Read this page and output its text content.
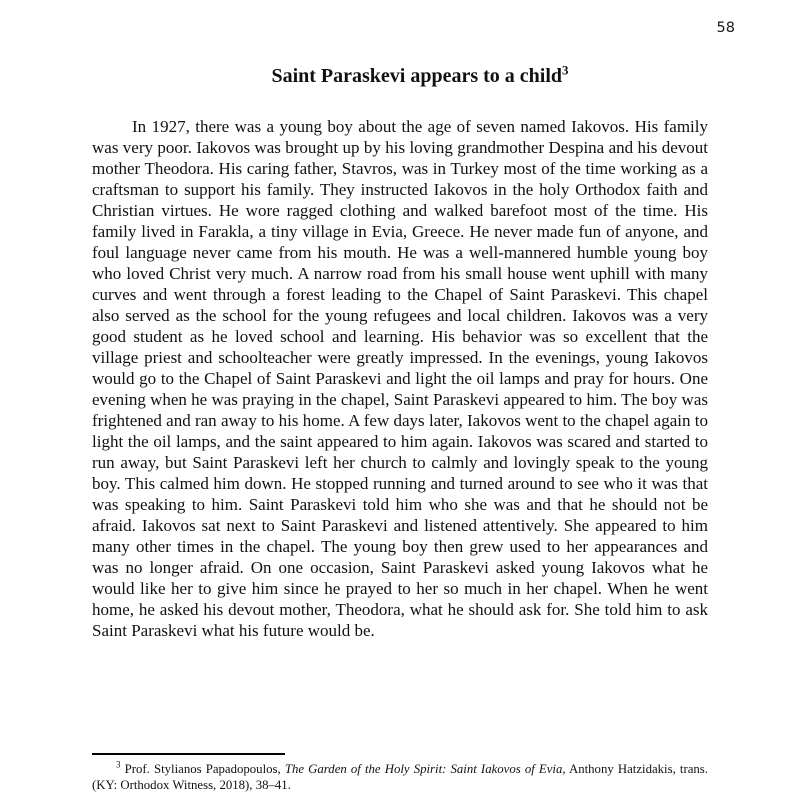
58
Saint Paraskevi appears to a child$^3$

In 1927, there was a young boy about the age of seven named Iakovos. His family was very poor. Iakovos was brought up by his loving grandmother Despina and his devout mother Theodora. His caring father, Stavros, was in Turkey most of the time working as a craftsman to support his family. They instructed Iakovos in the holy Orthodox faith and Christian virtues. He wore ragged clothing and walked barefoot most of the time. His family lived in Farakla, a tiny village in Evia, Greece. He never made fun of anyone, and foul language never came from his mouth. He was a well-mannered humble young boy who loved Christ very much. A narrow road from his small house went uphill with many curves and went through a forest leading to the Chapel of Saint Paraskevi. This chapel also served as the school for the young refugees and local children. Iakovos was a very good student as he loved school and learning. His behavior was so excellent that the village priest and schoolteacher were greatly impressed. In the evenings, young Iakovos would go to the Chapel of Saint Paraskevi and light the oil lamps and pray for hours. One evening when he was praying in the chapel, Saint Paraskevi appeared to him. The boy was frightened and ran away to his home. A few days later, Iakovos went to the chapel again to light the oil lamps, and the saint appeared to him again. Iakovos was scared and started to run away, but Saint Paraskevi left her church to calmly and lovingly speak to the young boy. This calmed him down. He stopped running and turned around to see who it was that was speaking to him. Saint Paraskevi told him who she was and that he should not be afraid. Iakovos sat next to Saint Paraskevi and listened attentively. She appeared to him many other times in the chapel. The young boy then grew used to her appearances and was no longer afraid. On one occasion, Saint Paraskevi asked young Iakovos what he would like her to give him since he prayed to her so much in her chapel. When he went home, he asked his devout mother, Theodora, what he should ask for. She told him to ask Saint Paraskevi what his future would be.

$^3$ Prof. Stylianos Papadopoulos, The Garden of the Holy Spirit: Saint Iakovos of Evia, Anthony Hatzidakis, trans. (KY: Orthodox Witness, 2018), 38–41.
